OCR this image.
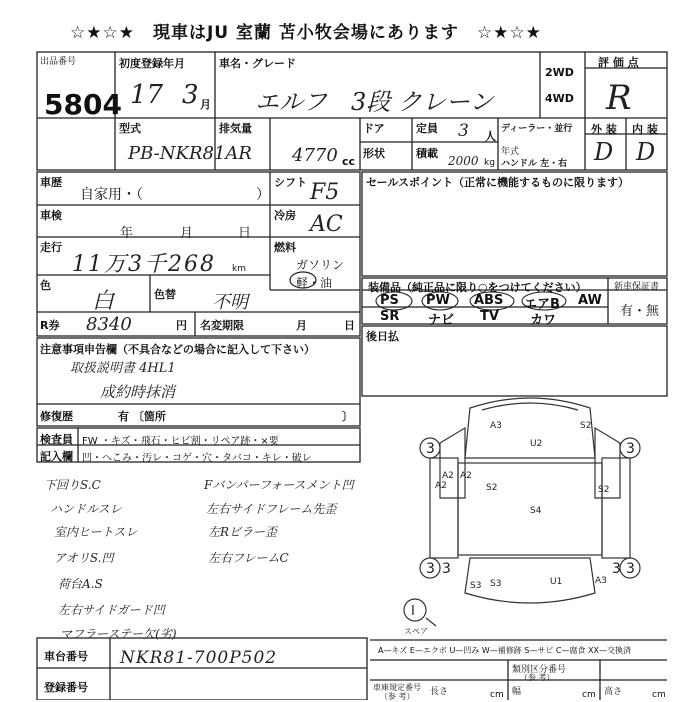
☆★☆★　現車はJU 室蘭 苫小牧会場にあります　☆★☆★
出品番号
5804
初度登録年月
17 3 月
車名・グレード
エルフ　3段 クレーン
2WD
4WD
評 価 点
R
外 装 内 装
D D
型式
PB-NKR81AR
排気量
4770 cc
ドア	定員 3 人
ディーラー・並行
年式
ハンドル 左・右
形状	積載
2000 kg
車歴
自家用・（	）
シフト F5 セールスポイント（正常に機能するものに限ります）
車検
年	月	日
冷房 AC
走行
11万3千268 km
燃料
ガソリン
軽・油
色
白	色替 不明
装備品（純正品に限り○をつけてください）
PS PW ABS エアB AW
SR ナビ TV カワ
新車保証書
有・無
R券 8340	円 名変期限	月	日
後日払
注意事項申告欄（不具合などの場合に記入して下さい）
取扱説明書 4HL1
成約時抹消
修復歴	有 〔箇所	〕
検査員 FW ・キズ・飛石・ヒビ割・リペア跡・×要
記入欄 凹・へこみ・汚レ・コゲ・穴・タバコ・キレ・破レ
下回りS.C
ハンドルスレ
室内ヒートスレ
アオリS.凹
荷台A.S
左右サイドガード凹
マフラーステー欠(劣)
Fバンパーフォースメント凹
左右サイドフレーム先歪
左Rビラー歪
左右フレームC
A2 A2
A2
S4
S2
S2
S3	A3
U2
U1
S3
A3	S2
3	3
3	3
3	3
I
スペア
A—キズ E—エクボ U—凹み W—補修跡 S—サビ C—腐食 XX—交換済
類別区分番号
（参 考）
車台番号 NKR81-700P502
登録番号	車庫規定番号
（参 考） 長さ	cm 幅	cm 高さ	cm
